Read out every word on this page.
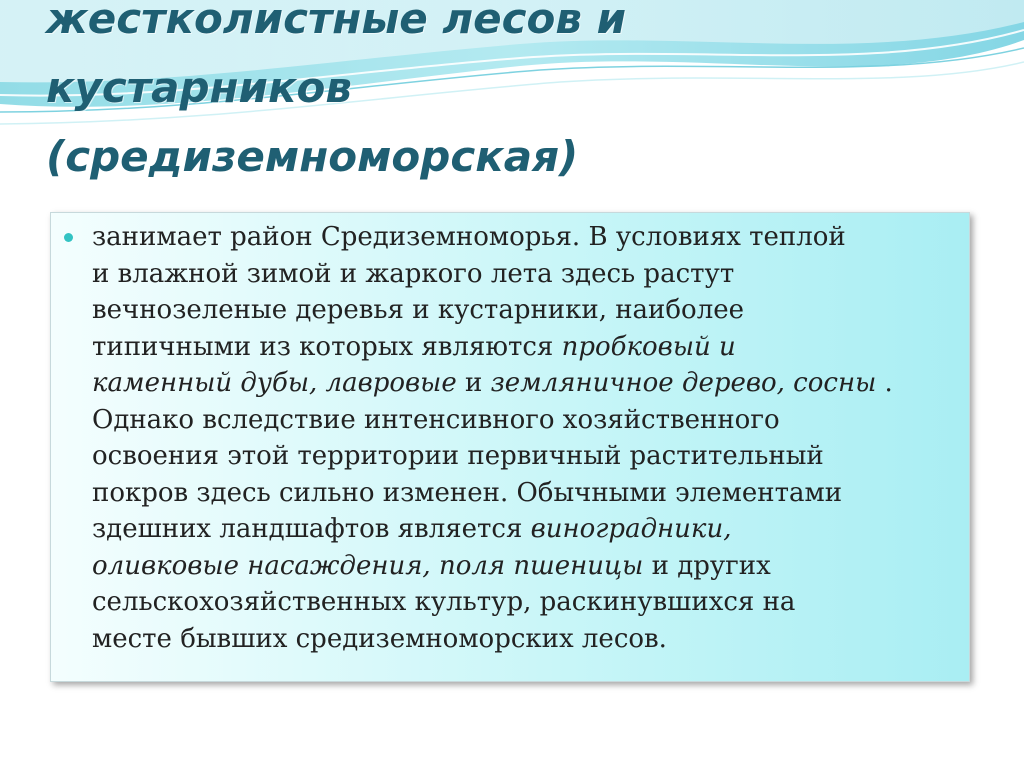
жестколистные лесов и
кустарников
(средиземноморская)

занимает район Средиземноморья. В условиях теплой
и влажной зимой и жаркого лета здесь растут
вечнозеленые деревья и кустарники, наиболее
типичными из которых являются пробковый и
каменный дубы, лавровые и земляничное дерево, сосны .
Однако вследствие интенсивного хозяйственного
освоения этой территории первичный растительный
покров здесь сильно изменен. Обычными элементами
здешних ландшафтов является виноградники,
оливковые насаждения, поля пшеницы и других
сельскохозяйственных культур, раскинувшихся на
месте бывших средиземноморских лесов.
